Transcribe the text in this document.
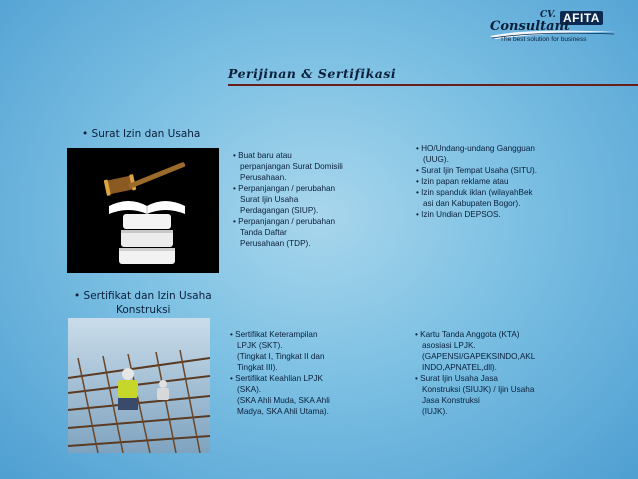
CV. AFITA
Consultant
The best solution for business
Perijinan & Sertifikasi
• Surat Izin dan Usaha
• Buat baru atau
perpanjangan Surat Domisili
Perusahaan.
• Perpanjangan / perubahan
Surat Ijin Usaha
Perdagangan (SIUP).
• Perpanjangan / perubahan
Tanda Daftar
Perusahaan (TDP).
• HO/Undang-undang Gangguan
(UUG).
• Surat Ijin Tempat Usaha (SITU).
• Izin papan reklame atau
• Izin spanduk iklan (wilayahBek
asi dan Kabupaten Bogor).
• Izin Undian DEPSOS.
• Sertifikat dan Izin Usaha
Konstruksi
• Sertifikat Keterampilan
LPJK (SKT).
(Tingkat I, Tingkat II dan
Tingkat III).
• Sertifikat Keahlian LPJK
(SKA).
(SKA Ahli Muda, SKA Ahli
Madya, SKA Ahli Utama).
• Kartu Tanda Anggota (KTA)
asosiasi LPJK.
(GAPENSI/GAPEKSINDO,AKL
INDO,APNATEL,dll).
• Surat Ijin Usaha Jasa
Konstruksi (SIUJK) / Ijin Usaha
Jasa Konstruksi
(IUJK).
